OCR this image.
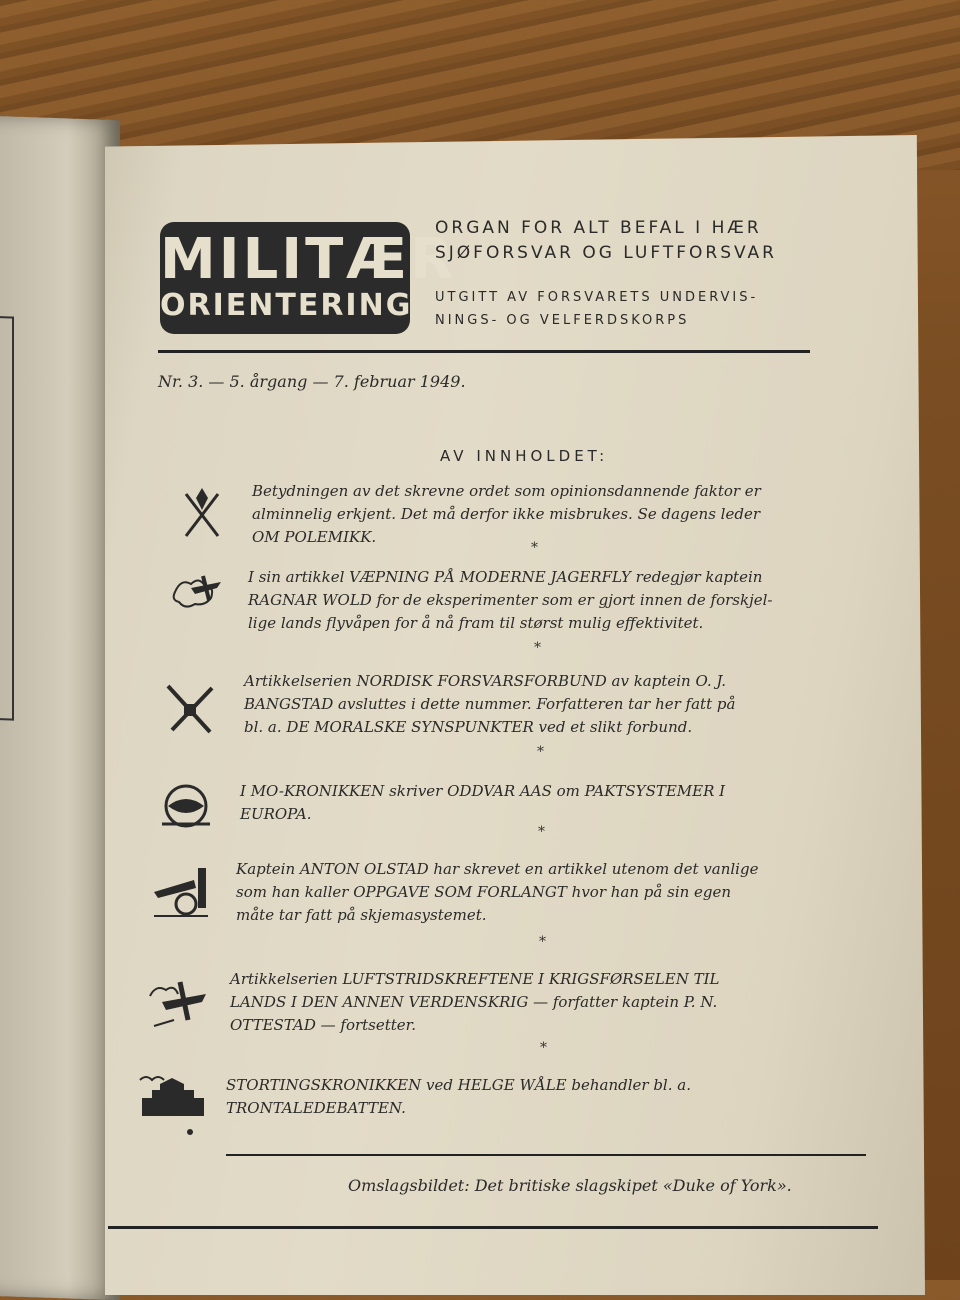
MILITÆR
ORIENTERING
ORGAN FOR ALT BEFAL I HÆR
SJØFORSVAR OG LUFTFORSVAR
UTGITT AV FORSVARETS UNDERVIS-
NINGS- OG VELFERDSKORPS
Nr. 3. — 5. årgang — 7. februar 1949.
AV INNHOLDET:
Betydningen av det skrevne ordet som opinionsdannende faktor er
alminnelig erkjent. Det må derfor ikke misbrukes. Se dagens leder
OM POLEMIKK.
*
I sin artikkel VÆPNING PÅ MODERNE JAGERFLY redegjør kaptein
RAGNAR WOLD for de eksperimenter som er gjort innen de forskjel-
lige lands flyvåpen for å nå fram til størst mulig effektivitet.
*
Artikkelserien NORDISK FORSVARSFORBUND av kaptein O. J.
BANGSTAD avsluttes i dette nummer. Forfatteren tar her fatt på
bl. a. DE MORALSKE SYNSPUNKTER ved et slikt forbund.
*
I MO-KRONIKKEN skriver ODDVAR AAS om PAKTSYSTEMER I
EUROPA.
*
Kaptein ANTON OLSTAD har skrevet en artikkel utenom det vanlige
som han kaller OPPGAVE SOM FORLANGT hvor han på sin egen
måte tar fatt på skjemasystemet.
*
Artikkelserien LUFTSTRIDSKREFTENE I KRIGSFØRSELEN TIL
LANDS I DEN ANNEN VERDENSKRIG — forfatter kaptein P. N.
OTTESTAD — fortsetter.
*
STORTINGSKRONIKKEN ved HELGE WÅLE behandler bl. a.
TRONTALEDEBATTEN.
Omslagsbildet: Det britiske slagskipet «Duke of York».
